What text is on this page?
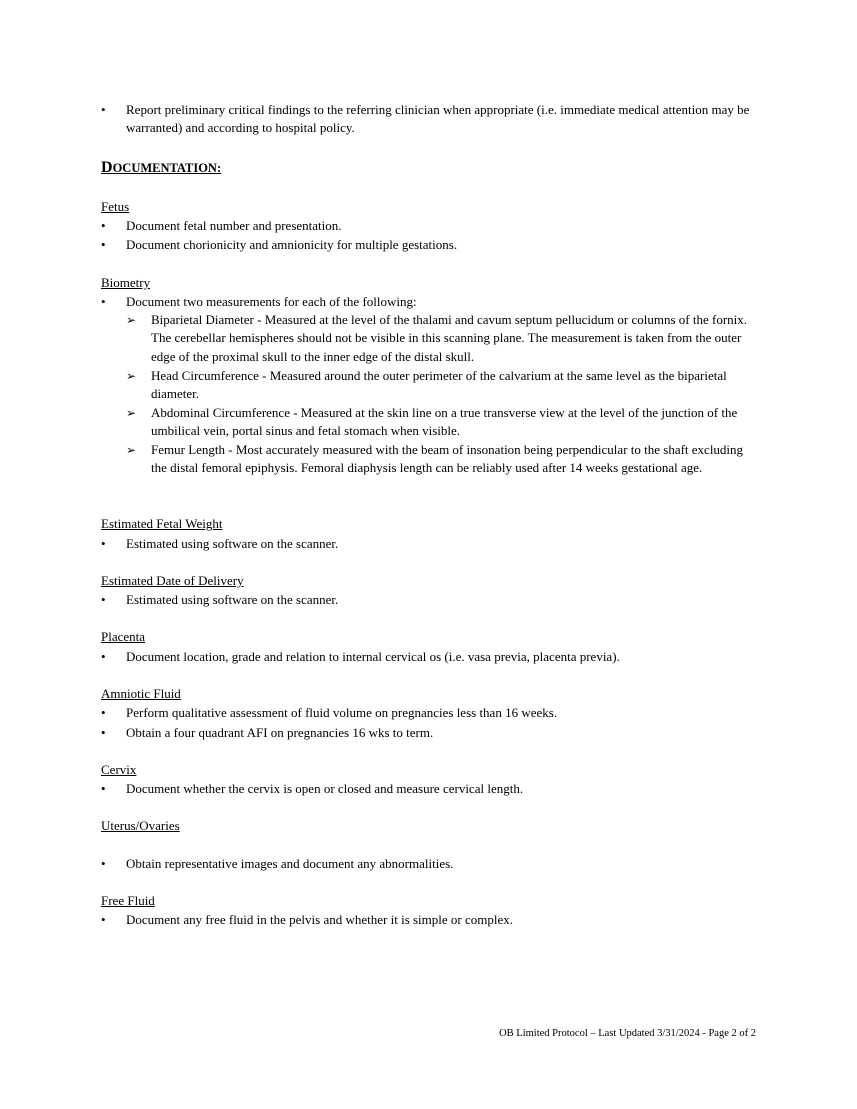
• Report preliminary critical findings to the referring clinician when appropriate (i.e. immediate medical attention may be warranted) and according to hospital policy.
DOCUMENTATION:
Fetus
• Document fetal number and presentation.
• Document chorionicity and amnionicity for multiple gestations.
Biometry
• Document two measurements for each of the following:
➢ Biparietal Diameter - Measured at the level of the thalami and cavum septum pellucidum or columns of the fornix. The cerebellar hemispheres should not be visible in this scanning plane. The measurement is taken from the outer edge of the proximal skull to the inner edge of the distal skull.
➢ Head Circumference - Measured around the outer perimeter of the calvarium at the same level as the biparietal diameter.
➢ Abdominal Circumference - Measured at the skin line on a true transverse view at the level of the junction of the umbilical vein, portal sinus and fetal stomach when visible.
➢ Femur Length - Most accurately measured with the beam of insonation being perpendicular to the shaft excluding the distal femoral epiphysis. Femoral diaphysis length can be reliably used after 14 weeks gestational age.
Estimated Fetal Weight
• Estimated using software on the scanner.
Estimated Date of Delivery
• Estimated using software on the scanner.
Placenta
• Document location, grade and relation to internal cervical os (i.e. vasa previa, placenta previa).
Amniotic Fluid
• Perform qualitative assessment of fluid volume on pregnancies less than 16 weeks.
• Obtain a four quadrant AFI on pregnancies 16 wks to term.
Cervix
• Document whether the cervix is open or closed and measure cervical length.
Uterus/Ovaries
• Obtain representative images and document any abnormalities.
Free Fluid
• Document any free fluid in the pelvis and whether it is simple or complex.
OB Limited Protocol – Last Updated 3/31/2024 - Page 2 of 2
